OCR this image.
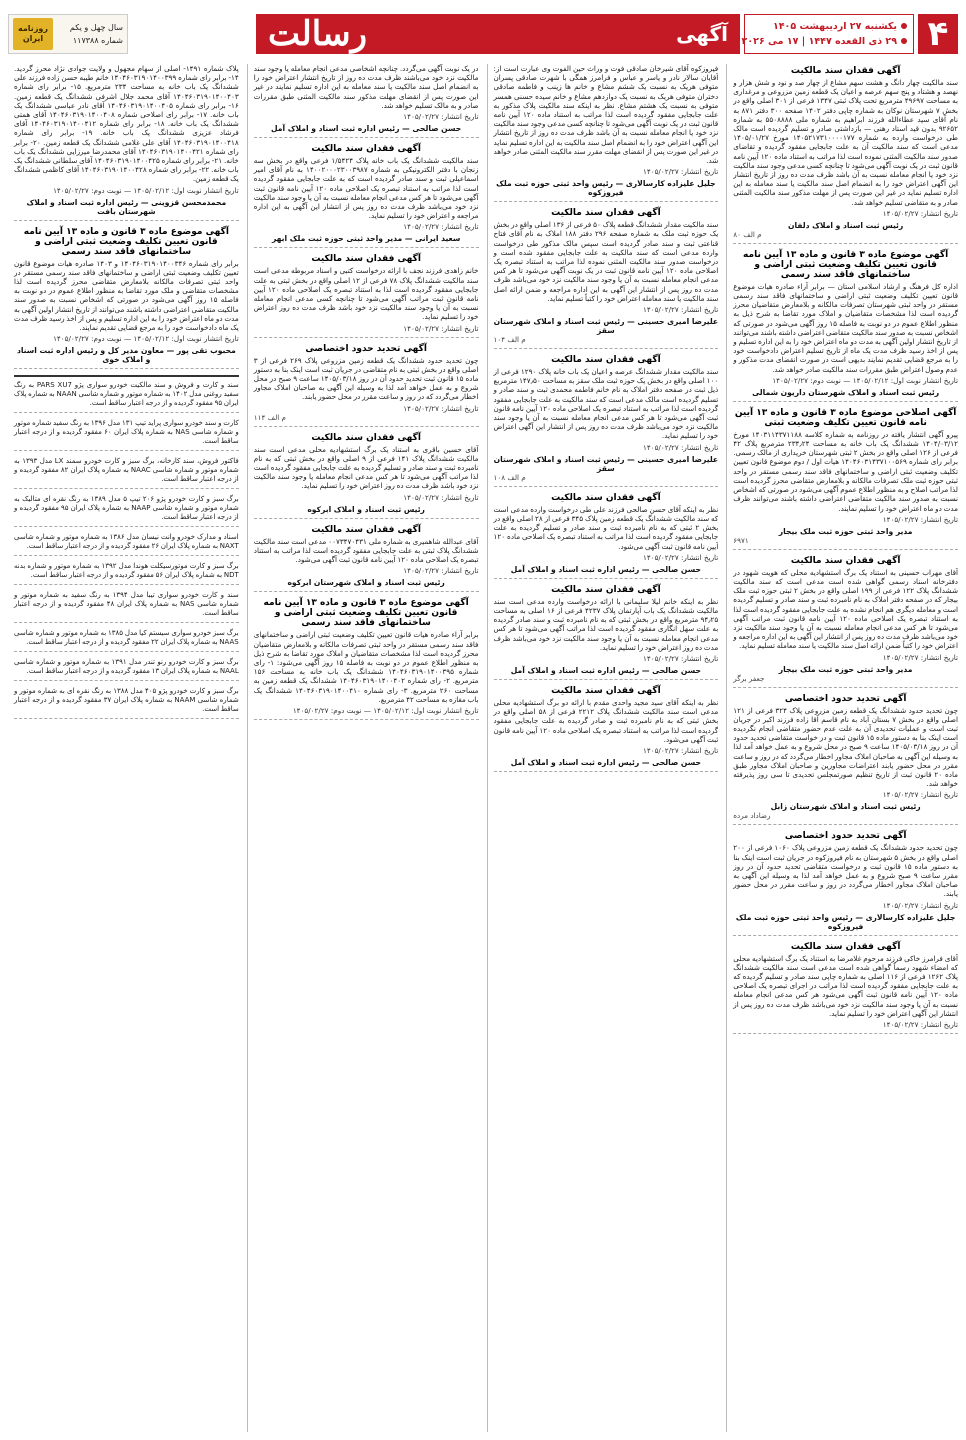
روزنامه
ایران
سال چهل و یکم
شماره ۱۱۷۳۸۸	آگهی
رسالت	یکشنبه ۲۷ اردیبهشت ۱۴۰۵
۲۹ ذی القعده ۱۴۴۷ | ۱۷ می ۲۰۲۶ ۴
آگهی فقدان سند مالکیت

سند مالکیت چهار دانگ و هشت سهم مشاع از چهار صد و نود و شش هزار و نهصد و هشتاد و پنج سهم عرصه و اعیان یک قطعه زمین مزروعی و مرغداری به مساحت ۴۹۶۹۷ مترمربع تحت پلاک ثبتی ۱۳۴۷ فرعی از ۳۰۱ اصلی واقع در بخش ۷ شهرستان نوکان به شماره چاپی دفتر ۱۴۰۲ صفحه ۳۰۰ دفتر ۸۷۱ به نام آقای سید عطاءالله فرزند ابراهیم به شماره ملی ۵۵۰۸۸۸۸ به شماره ۹۲۶۵۲ بدون قید استاد رهنی — بازداشتی صادر و تسلیم گردیده است مالک طی درخواست وارده به شماره ۱۴۰۵۲۱۷۳۱۰۰۰۰۱۷۷ مورخ ۱۴۰۵/۰۱/۲۷ مدعی است که سند مالکیت آن به علت جابجایی مفقود گردیده و تقاضای صدور سند مالکیت المثنی نموده است لذا مراتب به استناد ماده ۱۲۰ آیین نامه قانون ثبت در یک نوبت آگهی می‌شود تا چنانچه کسی مدعی وجود سند مالکیت نزد خود یا انجام معامله نسبت به آن باشد ظرف مدت ده روز از تاریخ انتشار این آگهی اعتراض خود را به انضمام اصل سند مالکیت یا سند معامله به این اداره تسلیم نماید در غیر این صورت پس از مهلت مذکور سند مالکیت المثنی صادر و به متقاضی تسلیم خواهد شد.

تاریخ انتشار: ۱۴۰۵/۰۲/۲۷
رئیس ثبت اسناد و املاک دلفان
م الف ۸۰
آگهی موضوع ماده ۳ قانون و ماده ۱۳ آیین نامه قانون تعیین تکلیف وضعیت ثبتی اراضی و ساختمانهای فاقد سند رسمی

اداره کل فرهنگ و ارشاد اسلامی استان — برابر آراء صادره هیات موضوع قانون تعیین تکلیف وضعیت ثبتی اراضی و ساختمانهای فاقد سند رسمی مستقر در واحد ثبتی شهرستان تصرفات مالکانه و بلامعارض متقاضیان محرز گردیده است لذا مشخصات متقاضیان و املاک مورد تقاضا به شرح ذیل به منظور اطلاع عموم در دو نوبت به فاصله ۱۵ روز آگهی می‌شود در صورتی که اشخاص نسبت به صدور سند مالکیت متقاضی اعتراضی داشته باشند می‌توانند از تاریخ انتشار اولین آگهی به مدت دو ماه اعتراض خود را به این اداره تسلیم و پس از اخذ رسید ظرف مدت یک ماه از تاریخ تسلیم اعتراض دادخواست خود را به مرجع قضایی تقدیم نمایند بدیهی است در صورت انقضای مدت مذکور و عدم وصول اعتراض طبق مقررات سند مالکیت صادر خواهد شد.

تاریخ انتشار نوبت اول: ۱۴۰۵/۰۲/۱۲ — نوبت دوم: ۱۴۰۵/۰۲/۲۷
رئیس ثبت اسناد و املاک شهرستان داریون شمالی
آگهی اصلاحی موضوع ماده ۳ قانون و ماده ۱۳ آیین نامه قانون تعیین تکلیف وضعیت ثبتی

پیرو آگهی انتشار یافته در روزنامه به شماره کلاسه ۱۴۰۳۱۱۴۳۷۱۱۸۸ مورخ ۱۴۰۴/۰۳/۱۲ ششدانگ یک باب خانه به مساحت ۲۳۴٫۲۴ مترمربع پلاک ۴۲ فرعی از ۱۲۶ اصلی واقع در بخش ۲ ثبتی شهرستان خریداری از مالک رسمی. برابر رای شماره ۱۴۰۴۶۰۳۱۴۳۷۱۰۰۵۶۹ هیات اول / دوم موضوع قانون تعیین تکلیف وضعیت ثبتی اراضی و ساختمانهای فاقد سند رسمی مستقر در واحد ثبتی حوزه ثبت ملک تصرفات مالکانه و بلامعارض متقاضی محرز گردیده است لذا مراتب اصلاح و به منظور اطلاع عموم آگهی می‌شود در صورتی که اشخاص نسبت به صدور سند مالکیت متقاضی اعتراضی داشته باشند می‌توانند ظرف مدت دو ماه اعتراض خود را تسلیم نمایند.

تاریخ انتشار: ۱۴۰۵/۰۲/۲۷
مدیر واحد ثبتی حوزه ثبت ملک بیجار
۶۹۷۱
آگهی فقدان سند مالکیت

آقای مهراب حسینی به استناد یک برگ استشهادیه محلی که هویت شهود در دفترخانه اسناد رسمی گواهی شده است مدعی است که سند مالکیت ششدانگ پلاک ۱۲۲ فرعی از ۱۹۹ اصلی واقع در بخش ۲ ثبتی حوزه ثبت ملک بیجار که در صفحه دفتر املاک به نام نامبرده ثبت و سند صادر و تسلیم گردیده است و معامله دیگری هم انجام نشده به علت جابجایی مفقود گردیده است لذا به استناد تبصره یک اصلاحی ماده ۱۲۰ آیین نامه قانون ثبت مراتب آگهی می‌شود تا هر کس مدعی انجام معامله نسبت به آن یا وجود سند مالکیت نزد خود می‌باشد ظرف مدت ده روز پس از انتشار این آگهی به این اداره مراجعه و اعتراض خود را کتباً ضمن ارائه اصل سند مالکیت یا سند معامله تسلیم نماید.

تاریخ انتشار: ۱۴۰۵/۰۲/۲۷
مدیر واحد ثبتی حوزه ثبت ملک بیجار
جعفر برگر
آگهی تحدید حدود اختصاصی

چون تحدید حدود ششدانگ یک قطعه زمین مزروعی پلاک ۳۲۴ فرعی از ۱۲۱ اصلی واقع در بخش ۷ بستان آباد به نام قاسم آقا زاده فرزند اکبر در جریان ثبت است و عملیات تحدیدی آن به علت عدم حضور متقاضی انجام نگردیده است اینک بنا به دستور ماده ۱۵ قانون ثبت و در خواست متقاضی تحدید حدود آن در روز ۱۴۰۵/۰۳/۱۸ ساعت ۹ صبح در محل شروع و به عمل خواهد آمد لذا به وسیله این آگهی به صاحبان املاک مجاور اخطار می‌گردد که در روز و ساعت مقرر در محل حضور یابند اعتراضات مجاورین و صاحبان املاک مجاور طبق ماده ۲۰ قانون ثبت از تاریخ تنظیم صورتمجلس تحدیدی تا سی روز پذیرفته خواهد شد.

تاریخ انتشار: ۱۴۰۵/۰۲/۲۷
رئیس ثبت اسناد و املاک شهرستان زابل
رضاداد مرده
آگهی تحدید حدود اختصاصی

چون تحدید حدود ششدانگ یک قطعه زمین مزروعی پلاک ۱۰۶۰ فرعی از ۲۰۰ اصلی واقع در بخش ۵ شهرستان به نام فیروزکوه در جریان ثبت است اینک بنا به دستور ماده ۱۵ قانون ثبت و درخواست متقاضی تحدید حدود آن در روز مقرر ساعت ۹ صبح شروع و به عمل خواهد آمد لذا به وسیله این آگهی به صاحبان املاک مجاور اخطار می‌گردد در روز و ساعت مقرر در محل حضور یابند.

تاریخ انتشار: ۱۴۰۵/۰۲/۲۷
جلیل علیزاده کارسالاری — رئیس واحد ثبتی حوزه ثبت ملک فیروزکوه
آگهی فقدان سند مالکیت

آقای فرامرز خاکی فرزند مرحوم غلامرضا به استناد یک برگ استشهادیه محلی که امضاء شهود رسماً گواهی شده است مدعی است سند مالکیت ششدانگ پلاک ۱۲۶۲ فرعی از ۱۱۶ اصلی به شماره چاپی سند صادر و تسلیم گردیده که به علت جابجایی مفقود گردیده است لذا مراتب در اجرای تبصره یک اصلاحی ماده ۱۲۰ آیین نامه قانون ثبت آگهی می‌شود هر کس مدعی انجام معامله نسبت به آن یا وجود سند مالکیت نزد خود می‌باشد ظرف مدت ده روز پس از انتشار این آگهی اعتراض خود را تسلیم نماید.

تاریخ انتشار: ۱۴۰۵/۰۲/۲۷

فیروزکوه آقای شیرخان صادقی فوت و وراث حین الفوت وی عبارت است از: آقایان سالار نادر و یاسر و عباس و فرامرز همگی با شهرت صادقی پسران متوفی هریک به نسبت یک ششم مشاع و خانم ها زینب و فاطمه صادقی دختران متوفی هریک به نسبت یک دوازدهم مشاع و خانم سیده حسنی همسر متوفی به نسبت یک هشتم مشاع. نظر به اینکه سند مالکیت پلاک مذکور به علت جابجایی مفقود گردیده است لذا مراتب به استناد ماده ۱۲۰ آیین نامه قانون ثبت در یک نوبت آگهی می‌شود تا چنانچه کسی مدعی وجود سند مالکیت نزد خود یا انجام معامله نسبت به آن باشد ظرف مدت ده روز از تاریخ انتشار این آگهی اعتراض خود را به انضمام اصل سند مالکیت به این اداره تسلیم نماید در غیر این صورت پس از انقضای مهلت مقرر سند مالکیت المثنی صادر خواهد شد.

تاریخ انتشار: ۱۴۰۵/۰۲/۲۷
جلیل علیزاده کارسالاری — رئیس واحد ثبتی حوزه ثبت ملک فیروزکوه
آگهی فقدان سند مالکیت

سند مالکیت مقدار ششدانگ قطعه پلاک ۵۰ فرعی از ۱۳۶ اصلی واقع در بخش یک حوزه ثبت ملک به شماره صفحه ۲۹۶ دفتر ۱۸۸ املاک به نام آقای فتاح قناعتی ثبت و سند صادر گردیده است سپس مالک مذکور طی درخواست وارده مدعی است که سند مالکیت به علت جابجایی مفقود شده است و درخواست صدور سند مالکیت المثنی نموده لذا مراتب به استناد تبصره یک اصلاحی ماده ۱۲۰ آیین نامه قانون ثبت در یک نوبت آگهی می‌شود تا هر کس مدعی انجام معامله نسبت به آن یا وجود سند مالکیت نزد خود می‌باشد ظرف مدت ده روز پس از انتشار این آگهی به این اداره مراجعه و ضمن ارائه اصل سند مالکیت یا سند معامله اعتراض خود را کتباً تسلیم نماید.

تاریخ انتشار: ۱۴۰۵/۰۲/۲۷
علیرضا امیری حسینی — رئیس ثبت اسناد و املاک شهرستان سقز
م الف ۱۰۴
آگهی فقدان سند مالکیت

سند مالکیت مقدار ششدانگ عرصه و اعیان یک باب خانه پلاک ۱۲۹۰ فرعی از ۱۰۰ اصلی واقع در بخش یک حوزه ثبت ملک سقز به مساحت ۱۴۷٫۵۰ مترمربع ذیل ثبت در صفحه دفتر املاک به نام خانم فاطمه محمدی ثبت و سند صادر و تسلیم گردیده است مالک مدعی است که سند مالکیت به علت جابجایی مفقود گردیده است لذا مراتب به استناد تبصره یک اصلاحی ماده ۱۲۰ آیین نامه قانون ثبت آگهی می‌شود تا هر کس مدعی انجام معامله نسبت به آن یا وجود سند مالکیت نزد خود می‌باشد ظرف مدت ده روز پس از انتشار این آگهی اعتراض خود را تسلیم نماید.

تاریخ انتشار: ۱۴۰۵/۰۲/۲۷
علیرضا امیری حسینی — رئیس ثبت اسناد و املاک شهرستان سقز
م الف ۱۰۸
آگهی فقدان سند مالکیت

نظر به اینکه آقای حسن صالحی فرزند علی طی درخواست وارده مدعی است که سند مالکیت ششدانگ یک قطعه زمین پلاک ۳۴۵ فرعی از ۲۸ اصلی واقع در بخش ۲ ثبتی که به نام نامبرده ثبت و سند صادر و تسلیم گردیده به علت جابجایی مفقود گردیده است لذا مراتب به استناد تبصره یک اصلاحی ماده ۱۲۰ آیین نامه قانون ثبت آگهی می‌شود.

تاریخ انتشار: ۱۴۰۵/۰۲/۲۷
حسن صالحی — رئیس اداره ثبت اسناد و املاک آمل
آگهی فقدان سند مالکیت

نظر به اینکه خانم لیلا سلیمانی با ارائه درخواست وارده مدعی است سند مالکیت ششدانگ یک باب آپارتمان پلاک ۴۲۳۷ فرعی از ۱۶ اصلی به مساحت ۹۴٫۲۵ مترمربع واقع در بخش ثبتی که به نام نامبرده ثبت و سند صادر گردیده به علت سهل انگاری مفقود گردیده است لذا مراتب آگهی می‌شود تا هر کس مدعی انجام معامله نسبت به آن یا وجود سند مالکیت نزد خود می‌باشد ظرف مدت ده روز اعتراض خود را تسلیم نماید.

تاریخ انتشار: ۱۴۰۵/۰۲/۲۷
حسن صالحی — رئیس اداره ثبت اسناد و املاک آمل
آگهی فقدان سند مالکیت

نظر به اینکه آقای سید مجید واحدی مقدم با ارائه دو برگ استشهادیه محلی مدعی است سند مالکیت ششدانگ پلاک ۲۲۱۲ فرعی از ۵۸ اصلی واقع در بخش ثبتی که به نام نامبرده ثبت و صادر گردیده به علت جابجایی مفقود گردیده است لذا مراتب به استناد تبصره یک اصلاحی ماده ۱۲۰ آیین نامه قانون ثبت آگهی می‌شود.

تاریخ انتشار: ۱۴۰۵/۰۲/۲۷
حسن صالحی — رئیس اداره ثبت اسناد و املاک آمل

در یک نوبت آگهی می‌گردد. چنانچه اشخاصی مدعی انجام معامله یا وجود سند مالکیت نزد خود می‌باشند ظرف مدت ده روز از تاریخ انتشار اعتراض خود را به انضمام اصل سند مالکیت یا سند معامله به این اداره تسلیم نمایند در غیر این صورت پس از انقضای مهلت مذکور سند مالکیت المثنی طبق مقررات صادر و به مالک تسلیم خواهد شد.

تاریخ انتشار: ۱۴۰۵/۰۲/۲۷
حسن صالحی — رئیس اداره ثبت اسناد و املاک آمل
آگهی فقدان سند مالکیت

سند مالکیت ششدانگ یک باب خانه پلاک ۱/۵۴۲۴ فرعی واقع در بخش سه زنجان با دفتر الکترونیکی به شماره ۱۴۰۰۲۰۰۰۲۳۰۰۳۹۸۷ به نام آقای امیر اسماعیلی ثبت و سند صادر گردیده است که به علت جابجایی مفقود گردیده است لذا مراتب به استناد تبصره یک اصلاحی ماده ۱۲۰ آیین نامه قانون ثبت آگهی می‌شود تا هر کس مدعی انجام معامله نسبت به آن یا وجود سند مالکیت نزد خود می‌باشد ظرف مدت ده روز پس از انتشار این آگهی به این اداره مراجعه و اعتراض خود را تسلیم نماید.

تاریخ انتشار: ۱۴۰۵/۰۲/۲۷
سعید ایرانی — مدیر واحد ثبتی حوزه ثبت ملک ابهر
آگهی فقدان سند مالکیت

خانم زاهدی فرزند نجف با ارائه درخواست کتبی و اسناد مربوطه مدعی است سند مالکیت ششدانگ پلاک ۷۸ فرعی از ۱۲ اصلی واقع در بخش ثبتی به علت جابجایی مفقود گردیده است لذا به استناد تبصره یک اصلاحی ماده ۱۲۰ آیین نامه قانون ثبت مراتب آگهی می‌شود تا چنانچه کسی مدعی انجام معامله نسبت به آن یا وجود سند مالکیت نزد خود باشد ظرف مدت ده روز اعتراض خود را تسلیم نماید.

تاریخ انتشار: ۱۴۰۵/۰۲/۲۷
آگهی تحدید حدود اختصاصی

چون تحدید حدود ششدانگ یک قطعه زمین مزروعی پلاک ۲۶۹ فرعی از ۳ اصلی واقع در بخش ثبتی به نام متقاضی در جریان ثبت است اینک بنا به دستور ماده ۱۵ قانون ثبت تحدید حدود آن در روز ۱۴۰۵/۰۳/۱۸ ساعت ۹ صبح در محل شروع و به عمل خواهد آمد لذا به وسیله این آگهی به صاحبان املاک مجاور اخطار می‌گردد که در روز و ساعت مقرر در محل حضور یابند.

تاریخ انتشار: ۱۴۰۵/۰۲/۲۷
م الف ۱۱۴
آگهی فقدان سند مالکیت

آقای حسین باقری به استناد یک برگ استشهادیه محلی مدعی است سند مالکیت ششدانگ پلاک ۱۴۱ فرعی از ۹ اصلی واقع در بخش ثبتی که به نام نامبرده ثبت و سند صادر و تسلیم گردیده به علت جابجایی مفقود گردیده است لذا مراتب آگهی می‌شود تا هر کس مدعی انجام معامله یا وجود سند مالکیت نزد خود باشد ظرف مدت ده روز اعتراض خود را تسلیم نماید.

تاریخ انتشار: ۱۴۰۵/۰۲/۲۷
رئیس ثبت اسناد و املاک ابرکوه
آگهی فقدان سند مالکیت

آقای عبدالله شاهمیری به شماره ملی ۰۰۷۳۴۷۰۴۳۱ مدعی است سند مالکیت ششدانگ پلاک ثبتی به علت جابجایی مفقود گردیده است لذا مراتب به استناد تبصره یک اصلاحی ماده ۱۲۰ آیین نامه قانون ثبت آگهی می‌شود.

تاریخ انتشار: ۱۴۰۵/۰۲/۲۷
رئیس ثبت اسناد و املاک شهرستان ابرکوه
آگهی موضوع ماده ۳ قانون و ماده ۱۳ آیین نامه قانون تعیین تکلیف وضعیت ثبتی اراضی و ساختمانهای فاقد سند رسمی

برابر آراء صادره هیات قانون تعیین تکلیف وضعیت ثبتی اراضی و ساختمانهای فاقد سند رسمی مستقر در واحد ثبتی تصرفات مالکانه و بلامعارض متقاضیان محرز گردیده است لذا مشخصات متقاضیان و املاک مورد تقاضا به شرح ذیل به منظور اطلاع عموم در دو نوبت به فاصله ۱۵ روز آگهی می‌شود: ۱- رای شماره ۱۴۰۴۶۰۳۱۹۰۱۴۰۰۳۹۵ ششدانگ یک باب خانه به مساحت ۱۵۶ مترمربع. ۲- رای شماره ۱۴۰۴۶۰۳۱۹۰۱۴۰۰۴۰۲ ششدانگ یک قطعه زمین به مساحت ۲۶۰ مترمربع. ۳- رای شماره ۱۴۰۴۶۰۳۱۹۰۱۴۰۰۴۱۰ ششدانگ یک باب مغازه به مساحت ۴۲ مترمربع.

تاریخ انتشار نوبت اول: ۱۴۰۵/۰۲/۱۲ — نوبت دوم: ۱۴۰۵/۰۲/۲۷

پلاک شماره ۱۴۹۱- اصلی از سهام مجهول و ولایت جوادی نژاد محرز گردید. ۱۴- برابر رای شماره ۱۴۰۴۶۰۳۱۹۰۱۴۰۰۳۹۹ خانم طیبه حسن زاده فرزند علی ششدانگ یک باب خانه به مساحت ۲۳۴ مترمربع. ۱۵- برابر رای شماره ۱۴۰۴۶۰۳۱۹۰۱۴۰۰۴۰۳ آقای محمد جلال اشرفی ششدانگ یک قطعه زمین. ۱۶- برابر رای شماره ۱۴۰۴۶۰۳۱۹۰۱۴۰۰۴۰۵ آقای نادر عباسی ششدانگ یک باب خانه. ۱۷- برابر رای اصلاحی شماره ۱۴۰۴۶۰۳۱۹۰۱۴۰۰۴۰۸ آقای همتی ششدانگ یک باب خانه. ۱۸- برابر رای شماره ۱۴۰۴۶۰۳۱۹۰۱۴۰۰۴۱۲ آقای فرشاد عزیزی ششدانگ یک باب خانه. ۱۹- برابر رای شماره ۱۴۰۴۶۰۳۱۹۰۱۴۰۰۴۱۸ آقای علی غلامی ششدانگ یک قطعه زمین. ۲۰- برابر رای شماره ۱۴۰۴۶۰۳۱۹۰۱۴۰۰۴۲۱ آقای محمدرضا میرزایی ششدانگ یک باب خانه. ۲۱- برابر رای شماره ۱۴۰۴۶۰۳۱۹۰۱۴۰۰۴۲۵ آقای سلطانی ششدانگ یک باب خانه. ۲۲- برابر رای شماره ۱۴۰۴۶۰۳۱۹۰۱۴۰۰۴۲۸ آقای کاظمی ششدانگ یک قطعه زمین.

تاریخ انتشار نوبت اول: ۱۴۰۵/۰۲/۱۲ — نوبت دوم: ۱۴۰۵/۰۲/۲۷
محمدمحسن قزوینی — رئیس اداره ثبت اسناد و املاک شهرستان بافت
آگهی موضوع ماده ۳ قانون و ماده ۱۳ آیین نامه قانون تعیین تکلیف وضعیت ثبتی اراضی و ساختمانهای فاقد سند رسمی

برابر رای شماره ۱۴۰۴۶۰۳۱۹۰۱۴۰۰۳۴۶ و ۱۴۰۳ صادره هیات موضوع قانون تعیین تکلیف وضعیت ثبتی اراضی و ساختمانهای فاقد سند رسمی مستقر در واحد ثبتی تصرفات مالکانه بلامعارض متقاضی محرز گردیده است لذا مشخصات متقاضی و ملک مورد تقاضا به منظور اطلاع عموم در دو نوبت به فاصله ۱۵ روز آگهی می‌شود در صورتی که اشخاص نسبت به صدور سند مالکیت متقاضی اعتراضی داشته باشند می‌توانند از تاریخ انتشار اولین آگهی به مدت دو ماه اعتراض خود را به این اداره تسلیم و پس از اخذ رسید ظرف مدت یک ماه دادخواست خود را به مرجع قضایی تقدیم نمایند.

تاریخ انتشار نوبت اول: ۱۴۰۵/۰۲/۱۲ — نوبت دوم: ۱۴۰۵/۰۲/۲۷
محبوب تقی پور — معاون مدیر کل و رئیس اداره ثبت اسناد و املاک خوی

سند و کارت و فروش و سند مالکیت خودرو سواری پژو PARS XU7 به رنگ سفید روغنی مدل ۱۴۰۲ به شماره موتور و شماره شاسی NAAN به شماره پلاک ایران ۹۵ مفقود گردیده و از درجه اعتبار ساقط است.

کارت و سند خودرو سواری پراید تیپ ۱۳۱ مدل ۱۳۹۶ به رنگ سفید شماره موتور و شماره شاسی NAS به شماره پلاک ایران ۶۰ مفقود گردیده و از درجه اعتبار ساقط است.

فاکتور فروش، سند کارخانه، برگ سبز و کارت خودرو سمند LX مدل ۱۳۹۳ به شماره موتور و شماره شاسی NAAC به شماره پلاک ایران ۸۲ مفقود گردیده و از درجه اعتبار ساقط است.

برگ سبز و کارت خودرو پژو ۲۰۶ تیپ ۵ مدل ۱۳۸۹ به رنگ نقره ای متالیک به شماره موتور و شماره شاسی NAAP به شماره پلاک ایران ۹۵ مفقود گردیده و از درجه اعتبار ساقط است.

اسناد و مدارک خودرو وانت نیسان مدل ۱۳۸۶ به شماره موتور و شماره شاسی NAXT به شماره پلاک ایران ۲۶ مفقود گردیده و از درجه اعتبار ساقط است.

برگ سبز و کارت موتورسیکلت هوندا مدل ۱۳۹۲ به شماره موتور و شماره بدنه NDT به شماره پلاک ایران ۵۶ مفقود گردیده و از درجه اعتبار ساقط است.

سند و کارت خودرو سواری تیبا مدل ۱۳۹۴ به رنگ سفید به شماره موتور و شماره شاسی NAS به شماره پلاک ایران ۴۸ مفقود گردیده و از درجه اعتبار ساقط است.

برگ سبز خودرو سواری سیستم کیا مدل ۱۳۸۵ به شماره موتور و شماره شاسی NAAS به شماره پلاک ایران ۲۲ مفقود گردیده و از درجه اعتبار ساقط است.

برگ سبز و کارت خودرو رنو تندر مدل ۱۳۹۱ به شماره موتور و شماره شاسی NAAL به شماره پلاک ایران ۱۳ مفقود گردیده و از درجه اعتبار ساقط است.

برگ سبز و کارت خودرو پژو ۴۰۵ مدل ۱۳۸۸ به رنگ نقره ای به شماره موتور و شماره شاسی NAAM به شماره پلاک ایران ۳۷ مفقود گردیده و از درجه اعتبار ساقط است.
